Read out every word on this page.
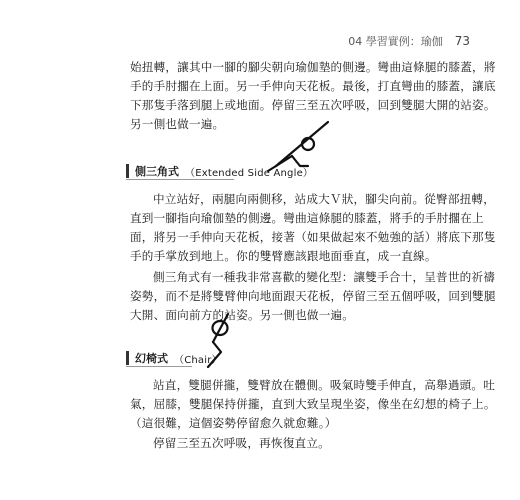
04 學習實例：瑜伽 73

始扭轉，讓其中一腳的腳尖朝向瑜伽墊的側邊。彎曲這條腿的膝蓋，將
手的手肘擱在上面。另一手伸向天花板。最後，打直彎曲的膝蓋，讓底
下那隻手落到腿上或地面。停留三至五次呼吸，回到雙腿大開的站姿。
另一側也做一遍。

側三角式 （Extended Side Angle）

中立站好，兩腿向兩側移，站成大Ｖ狀，腳尖向前。從臀部扭轉，
直到一腳指向瑜伽墊的側邊。彎曲這條腿的膝蓋，將手的手肘擱在上
面，將另一手伸向天花板，接著（如果做起來不勉強的話）將底下那隻
手的手掌放到地上。你的雙臂應該跟地面垂直，成一直線。

側三角式有一種我非常喜歡的變化型：讓雙手合十，呈普世的祈禱
姿勢，而不是將雙臂伸向地面跟天花板，停留三至五個呼吸，回到雙腿
大開、面向前方的站姿。另一側也做一遍。

幻椅式 （Chair）

站直，雙腿併攏，雙臂放在體側。吸氣時雙手伸直，高舉過頭。吐
氣，屈膝，雙腿保持併攏，直到大致呈現坐姿，像坐在幻想的椅子上。
（這很難，這個姿勢停留愈久就愈難。）

停留三至五次呼吸，再恢復直立。
